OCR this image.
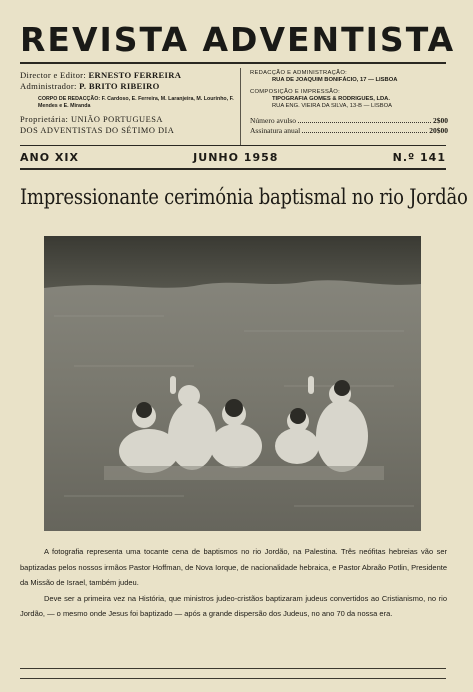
REVISTA ADVENTISTA
Director e Editor: ERNESTO FERREIRA
Administrador: P. BRITO RIBEIRO
CORPO DE REDACÇÃO: F. Cardoso, E. Ferreira, M. Laranjeira, M. Lourinho, F. Mendes e E. Miranda
Proprietária: UNIÃO PORTUGUESA
DOS ADVENTISTAS DO SÉTIMO DIA
REDACÇÃO E ADMINISTRAÇÃO:
RUA DE JOAQUIM BONIFÁCIO, 17 — LISBOA
COMPOSIÇÃO E IMPRESSÃO:
TIPOGRAFIA GOMES & RODRIGUES, LDA.
RUA ENG. VIEIRA DA SILVA, 13-B — LISBOA
Número avulso	2$00
Assinatura anual	20$00
ANO XIX	JUNHO 1958	N.º 141
Impressionante cerimónia baptismal no rio Jordão

A fotografia representa uma tocante cena de baptismos no rio Jordão, na Palestina. Três neófitas hebreias vão ser baptizadas pelos nossos irmãos Pastor Hoffman, de Nova Iorque, de nacionalidade hebraica, e Pastor Abraão Potlin, Presidente da Missão de Israel, também judeu.

Deve ser a primeira vez na História, que ministros judeo-cristãos baptizaram judeus convertidos ao Cristianismo, no rio Jordão, — o mesmo onde Jesus foi baptizado — após a grande dispersão dos Judeus, no ano 70 da nossa era.
